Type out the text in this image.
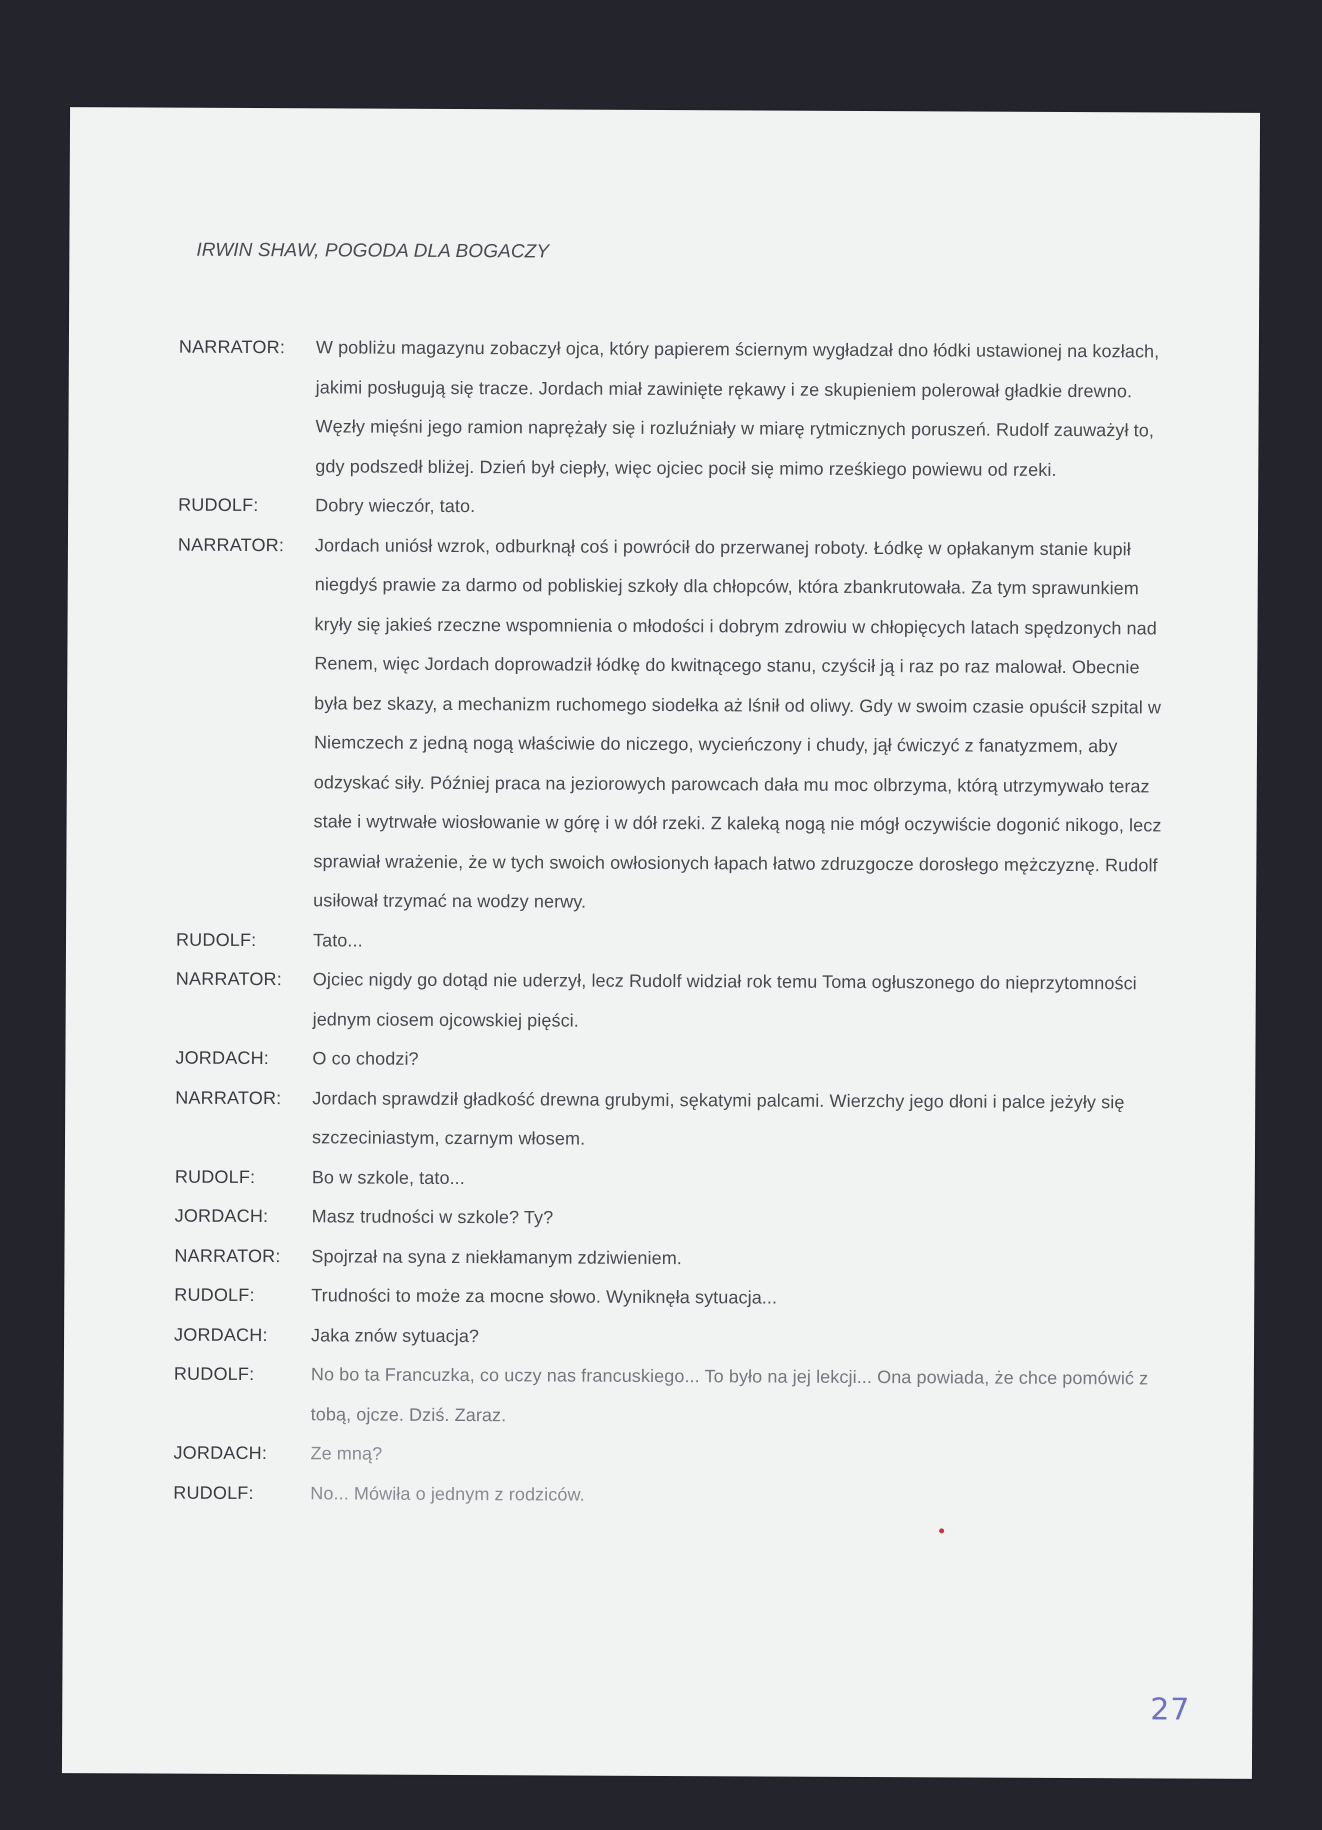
IRWIN SHAW, POGODA DLA BOGACZY
NARRATOR:	W pobliżu magazynu zobaczył ojca, który papierem ściernym wygładzał dno łódki ustawionej na kozłach, jakimi posługują się tracze. Jordach miał zawinięte rękawy i ze skupieniem polerował gładkie drewno. Węzły mięśni jego ramion naprężały się i rozluźniały w miarę rytmicznych poruszeń. Rudolf zauważył to, gdy podszedł bliżej. Dzień był ciepły, więc ojciec pocił się mimo rześkiego powiewu od rzeki.
RUDOLF:	Dobry wieczór, tato.
NARRATOR:	Jordach uniósł wzrok, odburknął coś i powrócił do przerwanej roboty. Łódkę w opłakanym stanie kupił niegdyś prawie za darmo od pobliskiej szkoły dla chłopców, która zbankrutowała. Za tym sprawunkiem kryły się jakieś rzeczne wspomnienia o młodości i dobrym zdrowiu w chłopięcych latach spędzonych nad Renem, więc Jordach doprowadził łódkę do kwitnącego stanu, czyścił ją i raz po raz malował. Obecnie była bez skazy, a mechanizm ruchomego siodełka aż lśnił od oliwy. Gdy w swoim czasie opuścił szpital w Niemczech z jedną nogą właściwie do niczego, wycieńczony i chudy, jął ćwiczyć z fanatyzmem, aby odzyskać siły. Później praca na jeziorowych parowcach dała mu moc olbrzyma, którą utrzymywało teraz stałe i wytrwałe wiosłowanie w górę i w dół rzeki. Z kaleką nogą nie mógł oczywiście dogonić nikogo, lecz sprawiał wrażenie, że w tych swoich owłosionych łapach łatwo zdruzgocze dorosłego mężczyznę. Rudolf usiłował trzymać na wodzy nerwy.
RUDOLF:	Tato...
NARRATOR:	Ojciec nigdy go dotąd nie uderzył, lecz Rudolf widział rok temu Toma ogłuszonego do nieprzytomności jednym ciosem ojcowskiej pięści.
JORDACH:	O co chodzi?
NARRATOR:	Jordach sprawdził gładkość drewna grubymi, sękatymi palcami. Wierzchy jego dłoni i palce jeżyły się szczeciniastym, czarnym włosem.
RUDOLF:	Bo w szkole, tato...
JORDACH:	Masz trudności w szkole? Ty?
NARRATOR:	Spojrzał na syna z niekłamanym zdziwieniem.
RUDOLF:	Trudności to może za mocne słowo. Wyniknęła sytuacja...
JORDACH:	Jaka znów sytuacja?
RUDOLF:	No bo ta Francuzka, co uczy nas francuskiego... To było na jej lekcji... Ona powiada, że chce pomówić z tobą, ojcze. Dziś. Zaraz.
JORDACH:	Ze mną?
RUDOLF:	No... Mówiła o jednym z rodziców.
27
